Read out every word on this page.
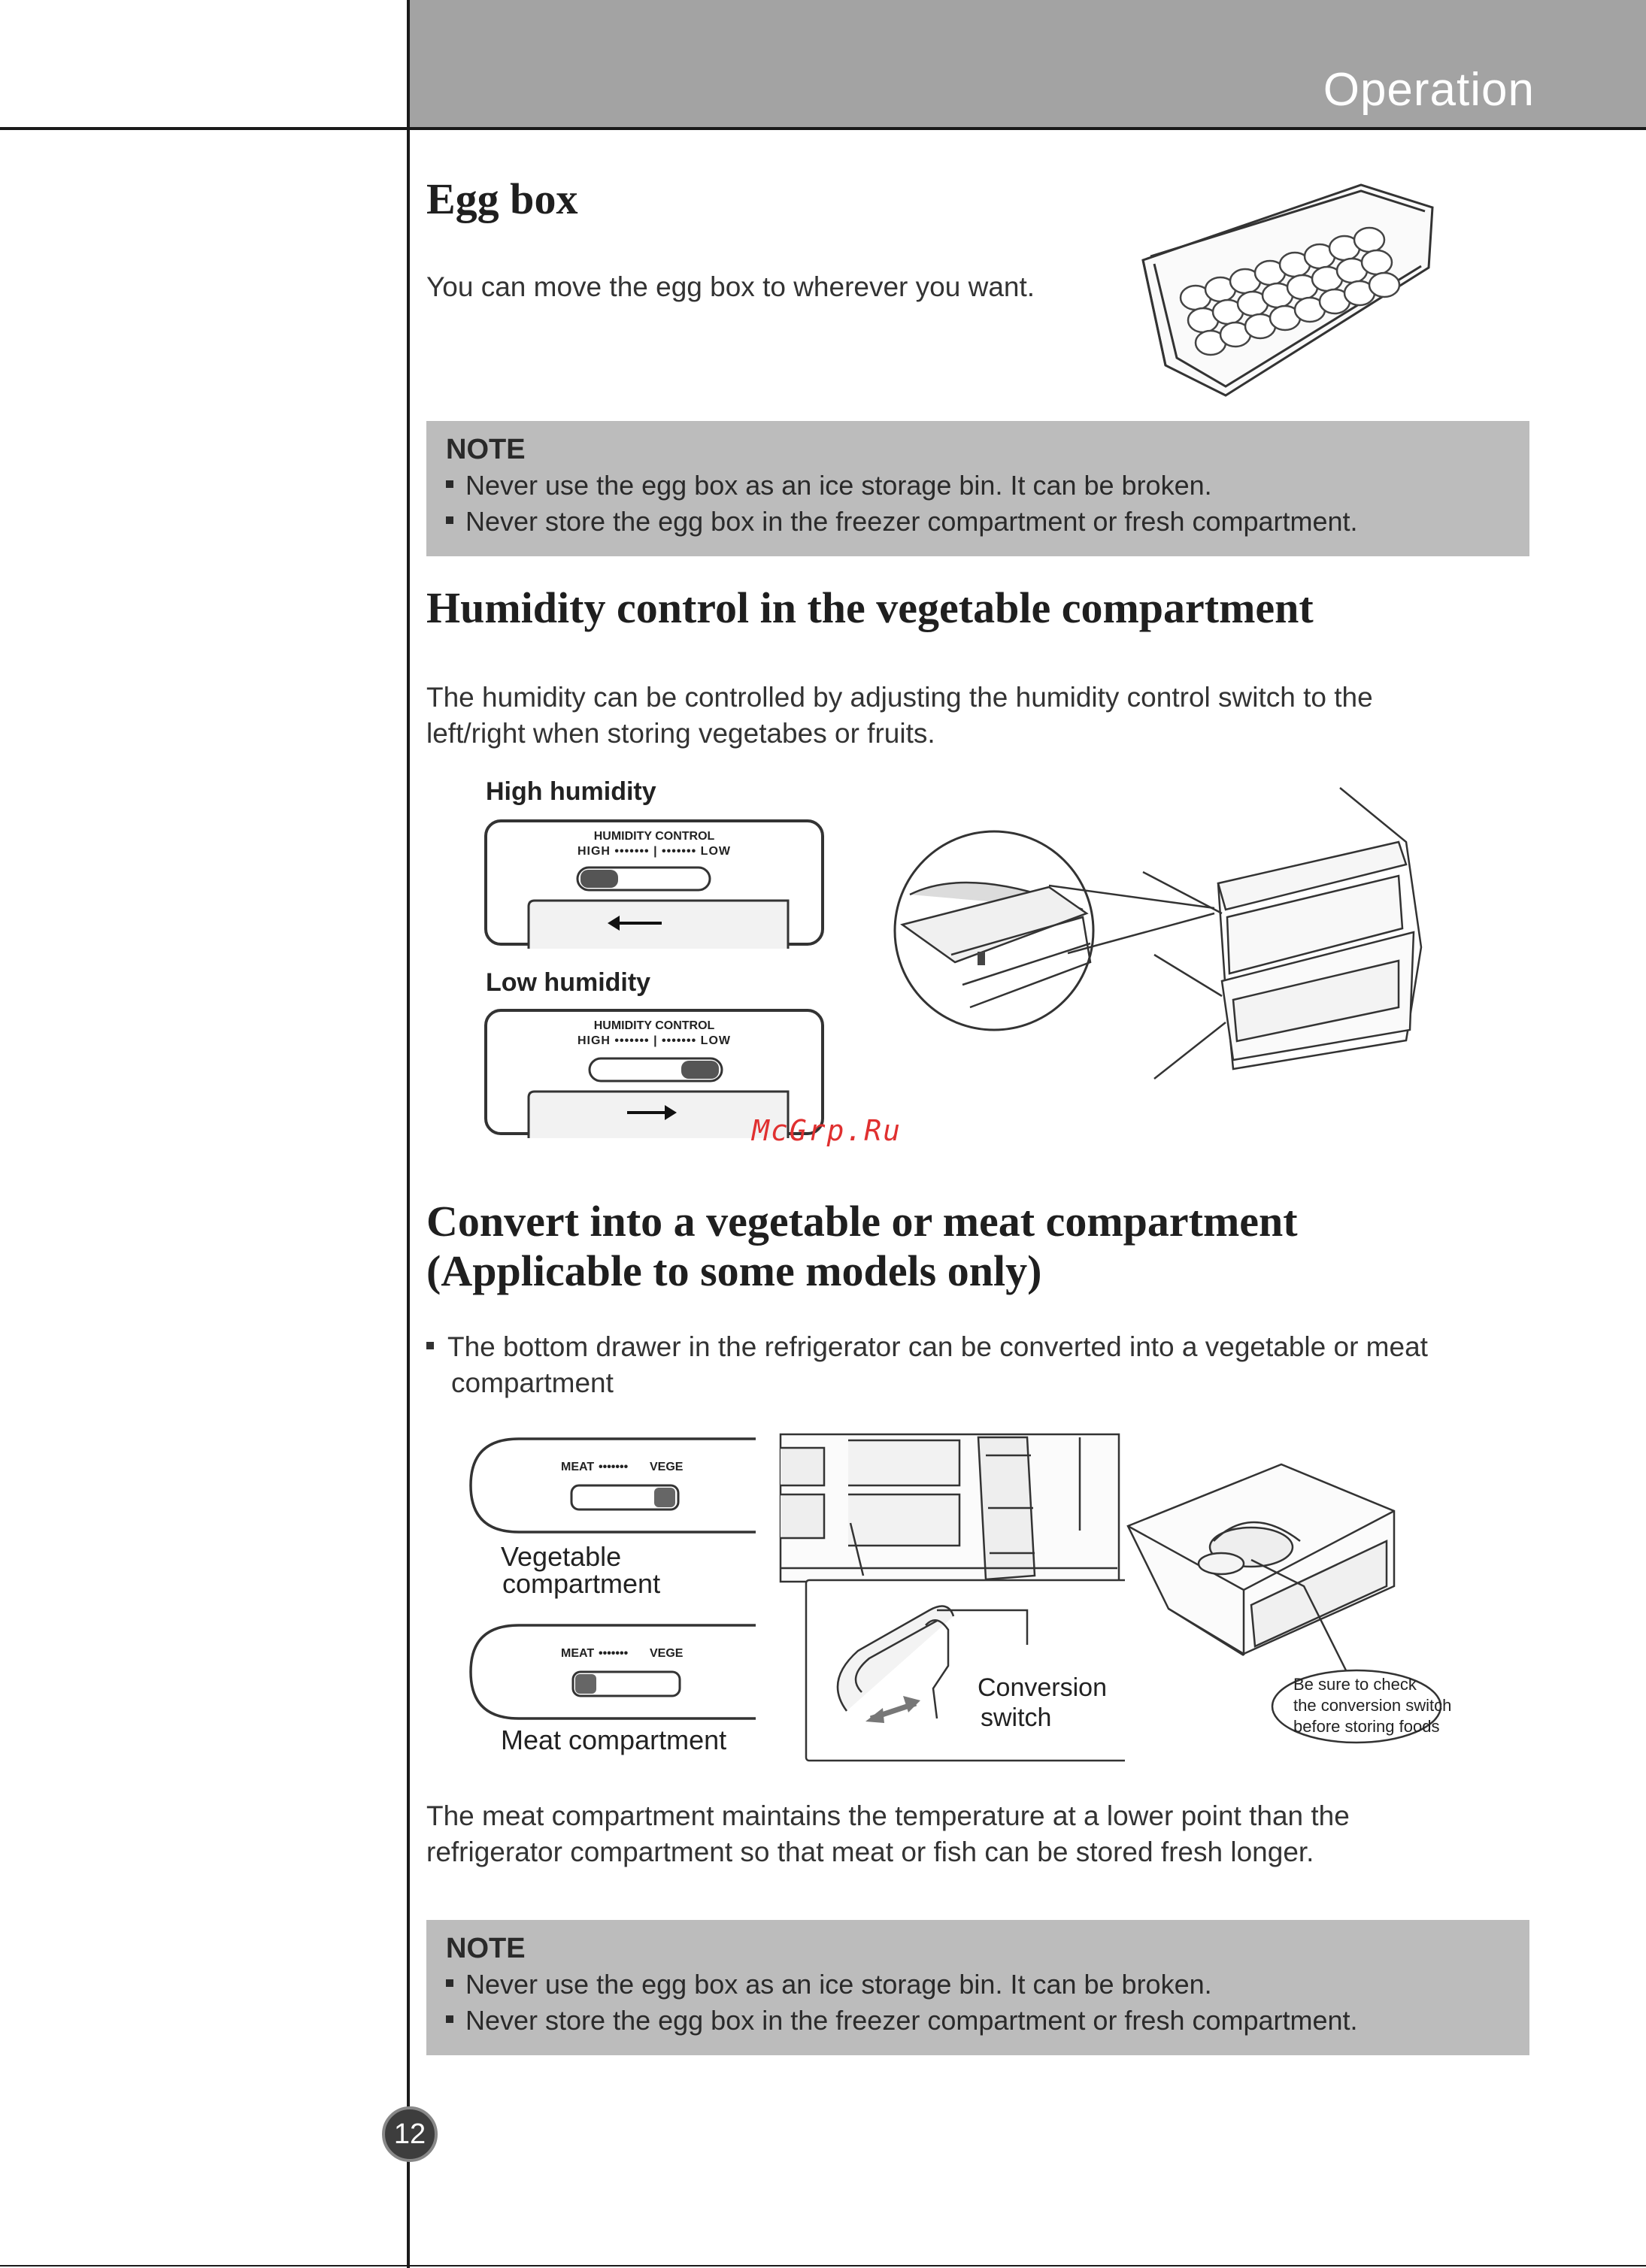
Operation
Egg box
You can move the egg box to wherever you want.
NOTE
Never use the egg box as an ice storage bin. It can be broken.
Never store the egg box in the freezer compartment or fresh compartment.
Humidity control in the vegetable compartment
The humidity can be controlled by adjusting the humidity control switch to the
left/right when storing vegetabes or fruits.
High humidity
HUMIDITY CONTROL
HIGH ••••••• | ••••••• LOW
Low humidity
HUMIDITY CONTROL
HIGH ••••••• | ••••••• LOW
McGrp.Ru
Convert into a vegetable or meat compartment
(Applicable to some models only)
The bottom drawer in the refrigerator can be converted into a vegetable or meat
compartment
MEAT ••••••• VEGE
Vegetable
compartment
MEAT ••••••• VEGE
Meat compartment
Conversion
switch
Be sure to check
the conversion switch
before storing foods
The meat compartment maintains the temperature at a lower point than the
refrigerator compartment so that meat or fish can be stored fresh longer.
NOTE
Never use the egg box as an ice storage bin. It can be broken.
Never store the egg box in the freezer compartment or fresh compartment.
12
